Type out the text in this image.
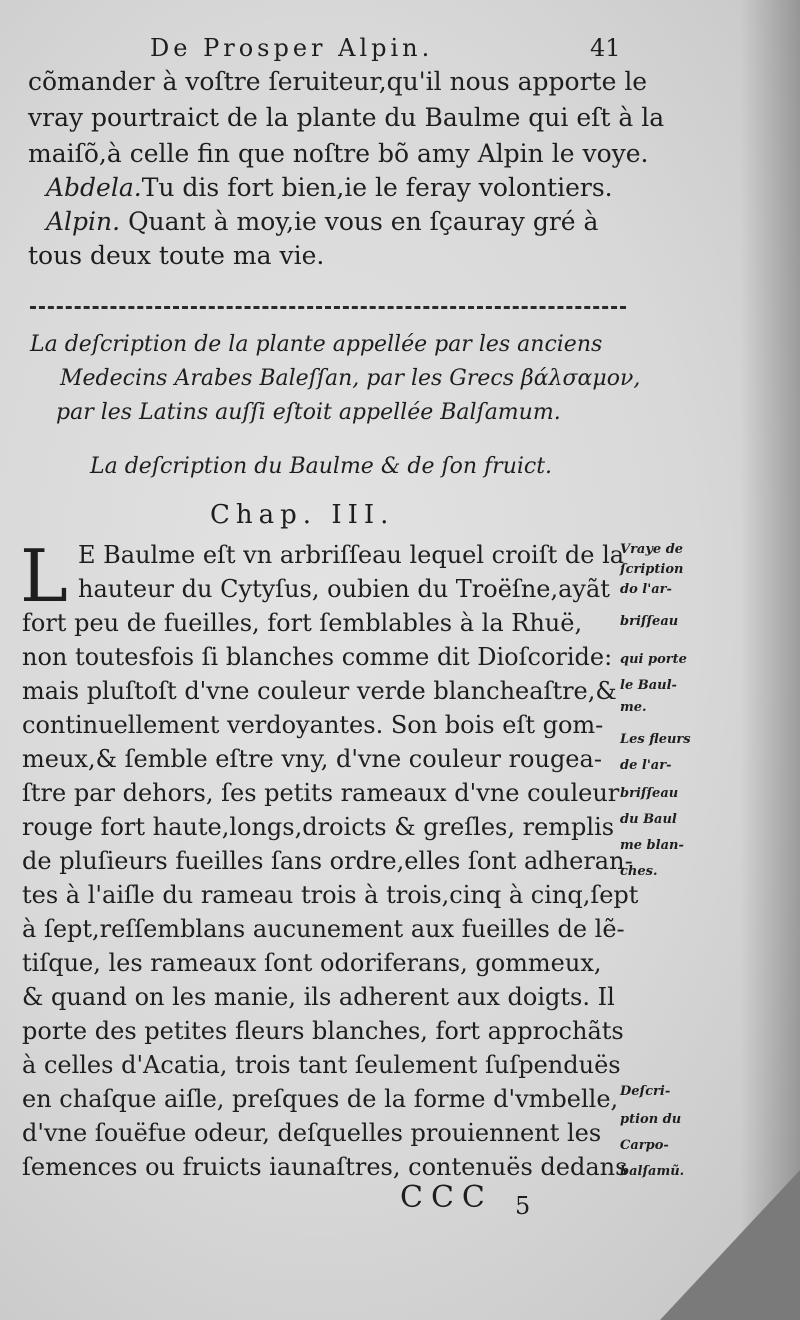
De Prosper Alpin.	41
cõmander à voſtre ſeruiteur,qu'il nous apporte le
vray pourtraict de la plante du Baulme qui eſt à la
maiſõ,à celle fin que noſtre bõ amy Alpin le voye.
Abdela.Tu dis fort bien,ie le feray volontiers.
Alpin. Quant à moy,ie vous en ſçauray gré à
tous deux toute ma vie.
La deſcription de la plante appellée par les anciens
Medecins Arabes Baleſſan, par les Grecs βάλσαμον,
par les Latins auſſi eſtoit appellée Balſamum.
La deſcription du Baulme & de ſon fruict.
Chap. III.
L E Baulme eſt vn arbriſſeau lequel croiſt de la
hauteur du Cytyſus, oubien du Troëſne,ayãt
fort peu de fueilles, fort ſemblables à la Rhuë,
non toutesfois ſi blanches comme dit Dioſcoride:
mais pluſtoſt d'vne couleur verde blancheaſtre,&
continuellement verdoyantes. Son bois eſt gom-
meux,& ſemble eſtre vny, d'vne couleur rougea-
ſtre par dehors, ſes petits rameaux d'vne couleur
rouge fort haute,longs,droicts & greſles, remplis
de pluſieurs fueilles ſans ordre,elles ſont adheran-
tes à l'aiſle du rameau trois à trois,cinq à cinq,ſept
à ſept,reſſemblans aucunement aux fueilles de lẽ-
tiſque, les rameaux ſont odoriferans, gommeux,
& quand on les manie, ils adherent aux doigts. Il
porte des petites fleurs blanches, fort approchãts
à celles d'Acatia, trois tant ſeulement ſuſpenduës
en chaſque aiſle, preſques de la forme d'vmbelle,
d'vne ſouëfue odeur, deſquelles prouiennent les
ſemences ou fruicts iaunaſtres, contenuës dedans
Vraye de
ſcription
do l'ar-
briſſeau
qui porte
le Baul-
me.
Les fleurs
de l'ar-
briſſeau
du Baul
me blan-
ches.
Deſcri-
ption du
Carpo-
balſamũ.
CCC 5
